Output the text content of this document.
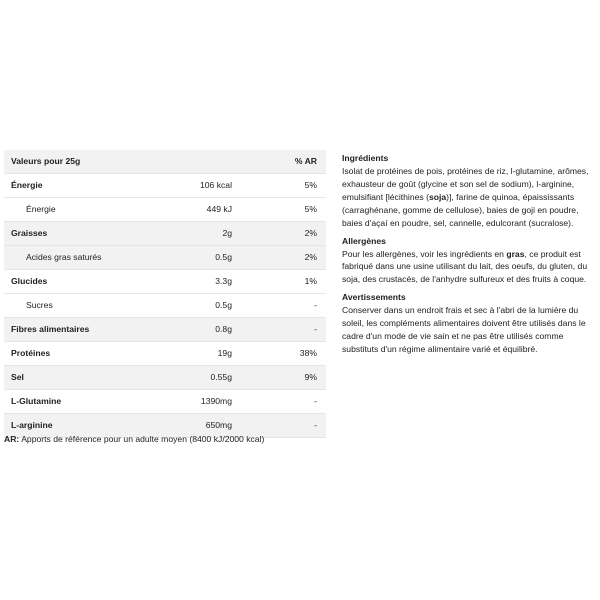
Valeurs pour 25g	% AR
Énergie	106 kcal	5%
Énergie	449 kJ	5%
Graisses	2g	2%
Acides gras saturés	0.5g	2%
Glucides	3.3g	1%
Sucres	0.5g	-
Fibres alimentaires	0.8g	-
Protéines	19g	38%
Sel	0.55g	9%
L-Glutamine	1390mg	-
L-arginine	650mg	-
AR: Apports de référence pour un adulte moyen (8400 kJ/2000 kcal)
Ingrédients

Isolat de protéines de pois, protéines de riz, l-glutamine, arômes, exhausteur de goût (glycine et son sel de sodium), l-arginine, emulsifiant [lécithines (soja)], farine de quinoa, épaississants (carraghénane, gomme de cellulose), baies de goji en poudre, baies d'açaí en poudre, sel, cannelle, edulcorant (sucralose).

Allergènes

Pour les allergènes, voir les ingrédients en gras, ce produit est fabriqué dans une usine utilisant du lait, des oeufs, du gluten, du soja, des crustacés, de l'anhydre sulfureux et des fruits à coque.

Avertissements

Conserver dans un endroit frais et sec à l'abri de la lumière du soleil, les compléments alimentaires doivent être utilisés dans le cadre d'un mode de vie sain et ne pas être utilisés comme substituts d'un régime alimentaire varié et équilibré.
